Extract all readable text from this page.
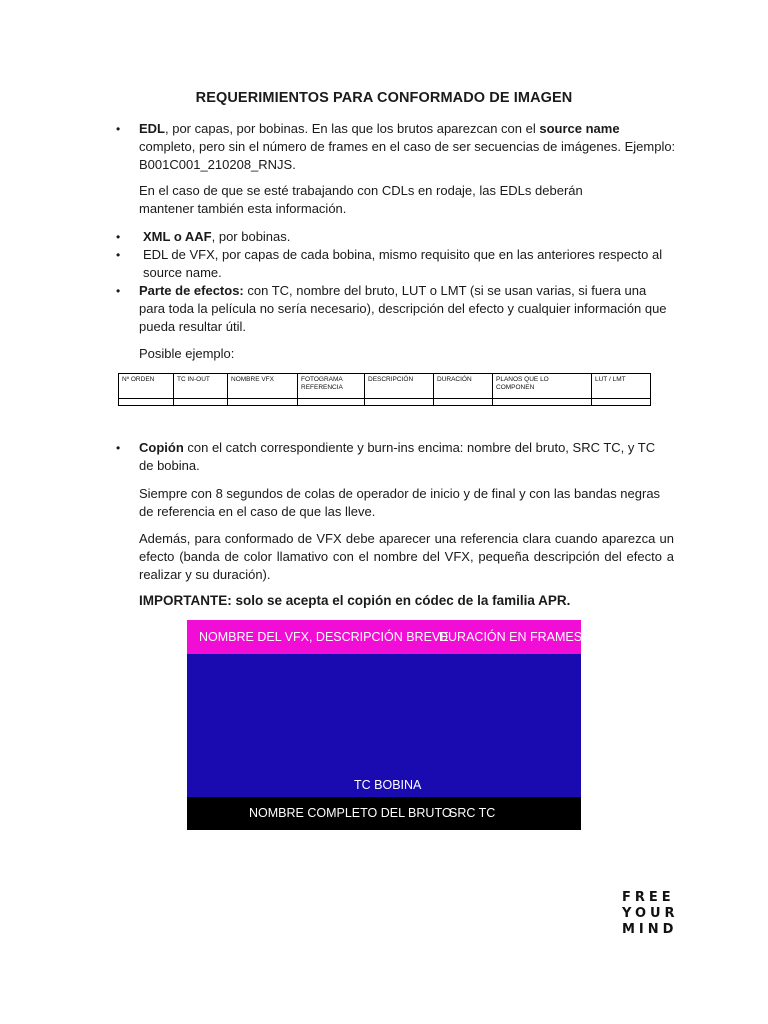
REQUERIMIENTOS PARA CONFORMADO DE IMAGEN
•	EDL, por capas, por bobinas. En las que los brutos aparezcan con el source name completo, pero sin el número de frames en el caso de ser secuencias de imágenes. Ejemplo: B001C001_210208_RNJS.
En el caso de que se esté trabajando con CDLs en rodaje, las EDLs deberán mantener también esta información.
•	XML o AAF, por bobinas.
•	EDL de VFX, por capas de cada bobina, mismo requisito que en las anteriores respecto al source name.
•	Parte de efectos: con TC, nombre del bruto, LUT o LMT (si se usan varias, si fuera una para toda la película no sería necesario), descripción del efecto y cualquier información que pueda resultar útil.
Posible ejemplo:
Nº ORDEN	TC IN-OUT	NOMBRE VFX	FOTOGRAMA REFERENCIA	DESCRIPCIÓN	DURACIÓN	PLANOS QUE LO COMPONEN	LUT / LMT

•	Copión con el catch correspondiente y burn-ins encima: nombre del bruto, SRC TC, y TC de bobina.
Siempre con 8 segundos de colas de operador de inicio y de final y con las bandas negras de referencia en el caso de que las lleve.
Además, para conformado de VFX debe aparecer una referencia clara cuando aparezca un efecto (banda de color llamativo con el nombre del VFX, pequeña descripción del efecto a realizar y su duración).
IMPORTANTE: solo se acepta el copión en códec de la familia APR.
NOMBRE DEL VFX, DESCRIPCIÓN BREVE
DURACIÓN EN FRAMES
TC BOBINA
NOMBRE COMPLETO DEL BRUTO
SRC TC
FREE
YOUR
MIND
